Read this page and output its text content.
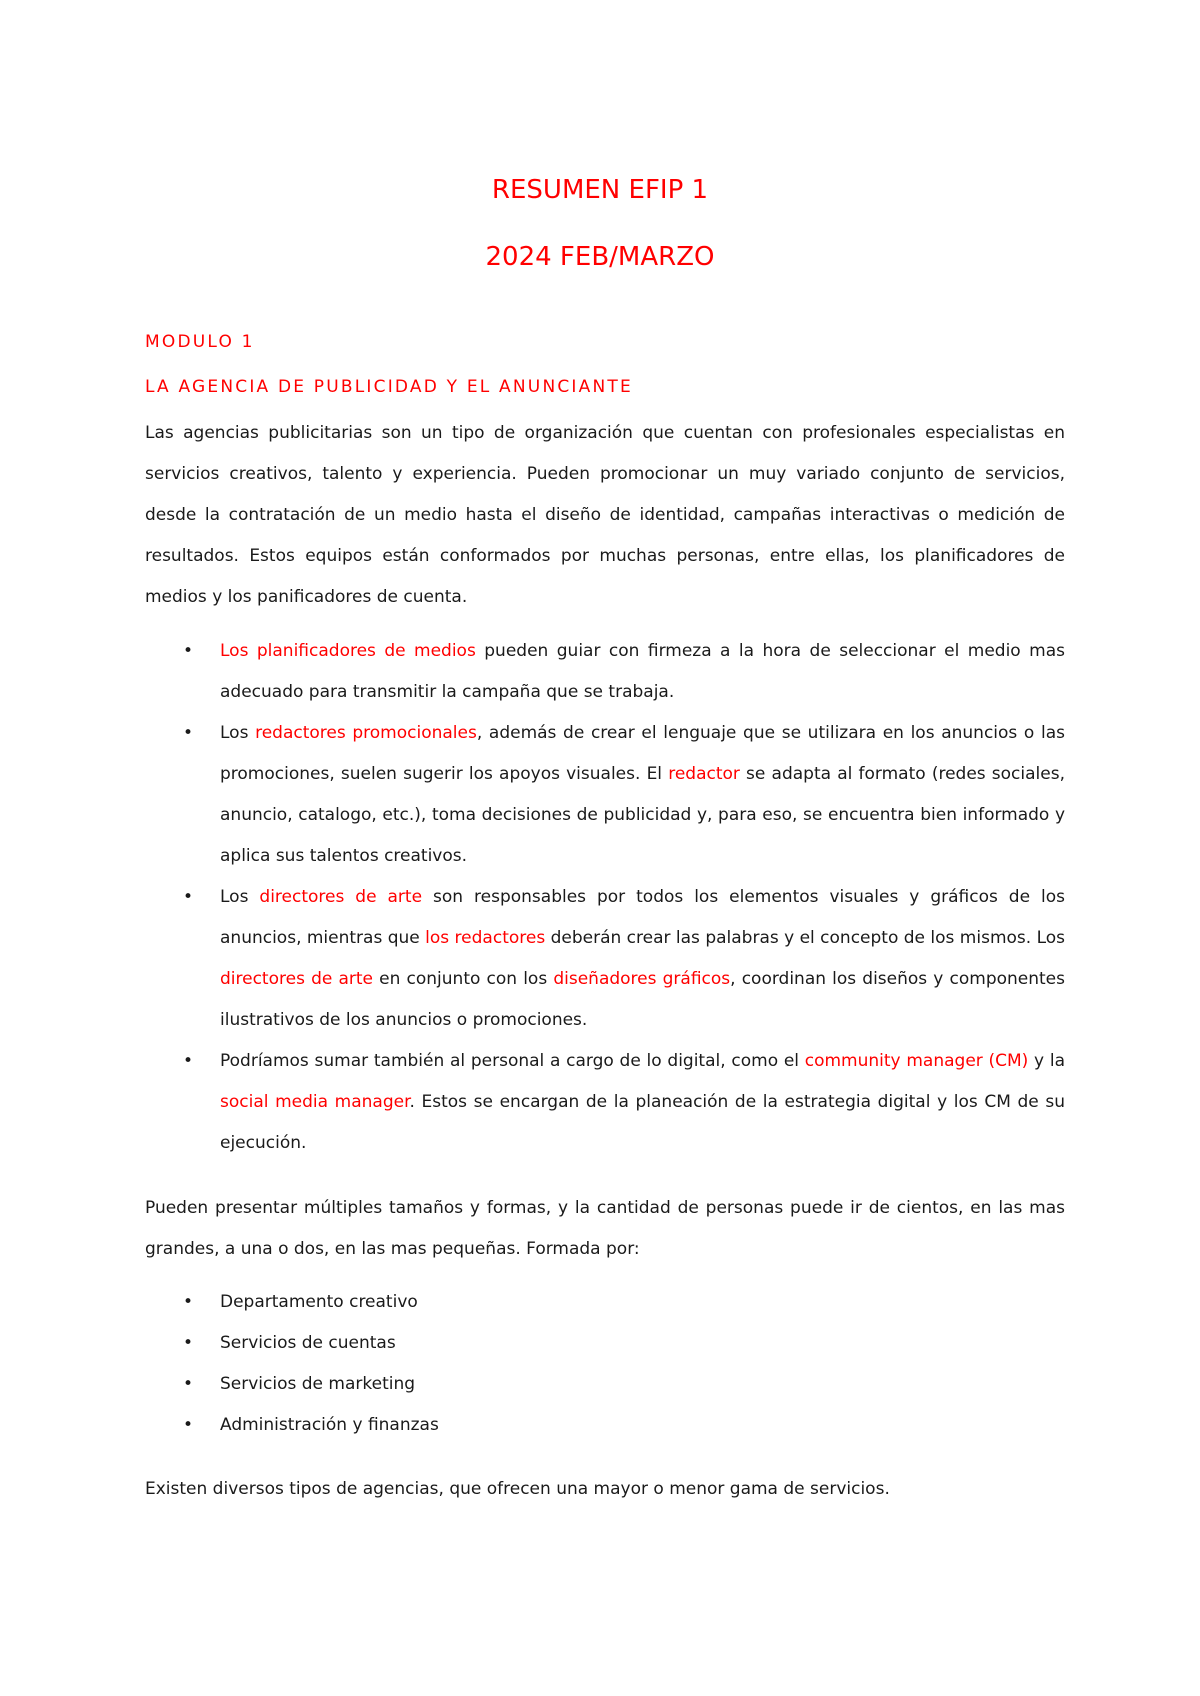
RESUMEN EFIP 1
2024 FEB/MARZO
MODULO 1
LA AGENCIA DE PUBLICIDAD Y EL ANUNCIANTE
Las agencias publicitarias son un tipo de organización que cuentan con profesionales especialistas en servicios creativos, talento y experiencia. Pueden promocionar un muy variado conjunto de servicios, desde la contratación de un medio hasta el diseño de identidad, campañas interactivas o medición de resultados. Estos equipos están conformados por muchas personas, entre ellas, los planificadores de medios y los panificadores de cuenta.
• Los planificadores de medios pueden guiar con firmeza a la hora de seleccionar el medio mas adecuado para transmitir la campaña que se trabaja.
• Los redactores promocionales, además de crear el lenguaje que se utilizara en los anuncios o las promociones, suelen sugerir los apoyos visuales. El redactor se adapta al formato (redes sociales, anuncio, catalogo, etc.), toma decisiones de publicidad y, para eso, se encuentra bien informado y aplica sus talentos creativos.
• Los directores de arte son responsables por todos los elementos visuales y gráficos de los anuncios, mientras que los redactores deberán crear las palabras y el concepto de los mismos. Los directores de arte en conjunto con los diseñadores gráficos, coordinan los diseños y componentes ilustrativos de los anuncios o promociones.
• Podríamos sumar también al personal a cargo de lo digital, como el community manager (CM) y la social media manager. Estos se encargan de la planeación de la estrategia digital y los CM de su ejecución.
Pueden presentar múltiples tamaños y formas, y la cantidad de personas puede ir de cientos, en las mas grandes, a una o dos, en las mas pequeñas. Formada por:
• Departamento creativo
• Servicios de cuentas
• Servicios de marketing
• Administración y finanzas
Existen diversos tipos de agencias, que ofrecen una mayor o menor gama de servicios.
